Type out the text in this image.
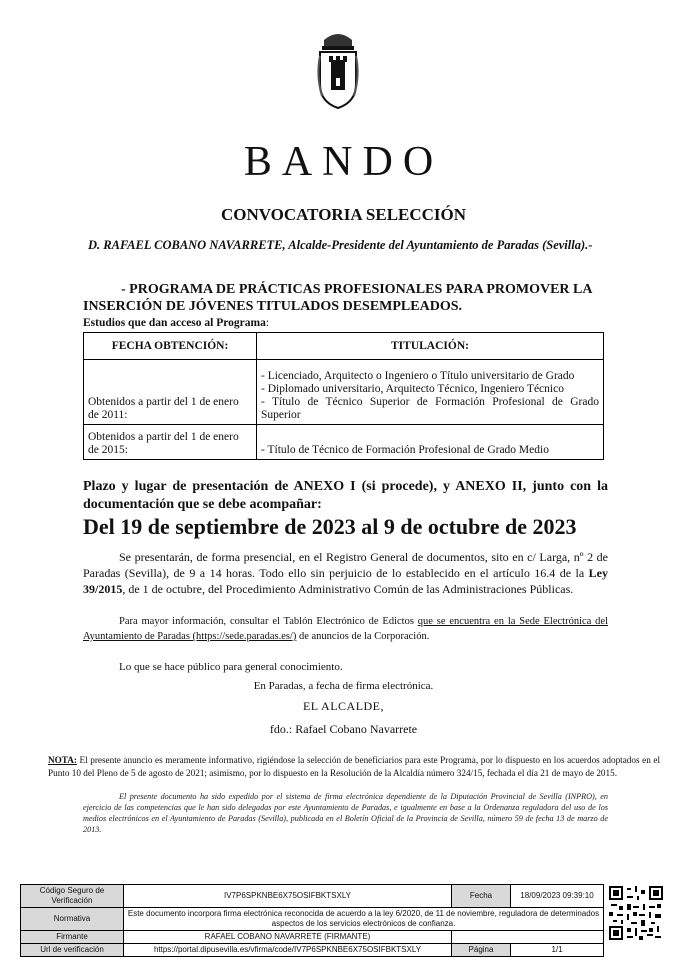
BANDO
CONVOCATORIA SELECCIÓN
D. RAFAEL COBANO NAVARRETE, Alcalde-Presidente del Ayuntamiento de Paradas (Sevilla).-
- PROGRAMA DE PRÁCTICAS PROFESIONALES PARA PROMOVER LA
INSERCIÓN DE JÓVENES TITULADOS DESEMPLEADOS.
Estudios que dan acceso al Programa:
FECHA OBTENCIÓN:	TITULACIÓN:
Obtenidos a partir del 1 de enero de 2011:	- Licenciado, Arquitecto o Ingeniero o Título universitario de Grado
- Diplomado universitario, Arquitecto Técnico, Ingeniero Técnico
- Título de Técnico Superior de Formación Profesional de Grado Superior

Obtenidos a partir del 1 de enero de 2015:	- Título de Técnico de Formación Profesional de Grado Medio
Plazo y lugar de presentación de ANEXO I (si procede), y ANEXO II, junto con la documentación que se debe acompañar:
Del 19 de septiembre de 2023 al 9 de octubre de 2023
Se presentarán, de forma presencial, en el Registro General de documentos, sito en c/ Larga, nº 2 de Paradas (Sevilla), de 9 a 14 horas. Todo ello sin perjuicio de lo establecido en el artículo 16.4 de la Ley 39/2015, de 1 de octubre, del Procedimiento Administrativo Común de las Administraciones Públicas.
Para mayor información, consultar el Tablón Electrónico de Edictos que se encuentra en la Sede Electrónica del Ayuntamiento de Paradas (https://sede.paradas.es/) de anuncios de la Corporación.
Lo que se hace público para general conocimiento.
En Paradas, a fecha de firma electrónica.
EL ALCALDE,
fdo.: Rafael Cobano Navarrete
NOTA: El presente anuncio es meramente informativo, rigiéndose la selección de beneficiarios para este Programa, por lo dispuesto en los acuerdos adoptados en el Punto 10 del Pleno de 5 de agosto de 2021; asimismo, por lo dispuesto en la Resolución de la Alcaldía número 324/15, fechada el día 21 de mayo de 2015.
El presente documento ha sido expedido por el sistema de firma electrónica dependiente de la Diputación Provincial de Sevilla (INPRO), en ejercicio de las competencias que le han sido delegadas por este Ayuntamiento de Paradas, e igualmente en base a la Ordenanza reguladora del uso de los medios electrónicos en el Ayuntamiento de Paradas (Sevilla), publicada en el Boletín Oficial de la Provincia de Sevilla, número 59 de fecha 13 de marzo de 2013.
Código Seguro de Verificación	IV7P6SPKNBE6X75OSIFBKTSXLY	Fecha	18/09/2023 09:39:10
Normativa	Este documento incorpora firma electrónica reconocida de acuerdo a la ley 6/2020, de 11 de noviembre, reguladora de determinados aspectos de los servicios electrónicos de confianza.		
Firmante	RAFAEL COBANO NAVARRETE (FIRMANTE)		
Url de verificación	https://portal.dipusevilla.es/vfirma/code/IV7P6SPKNBE6X75OSIFBKTSXLY	Página	1/1
